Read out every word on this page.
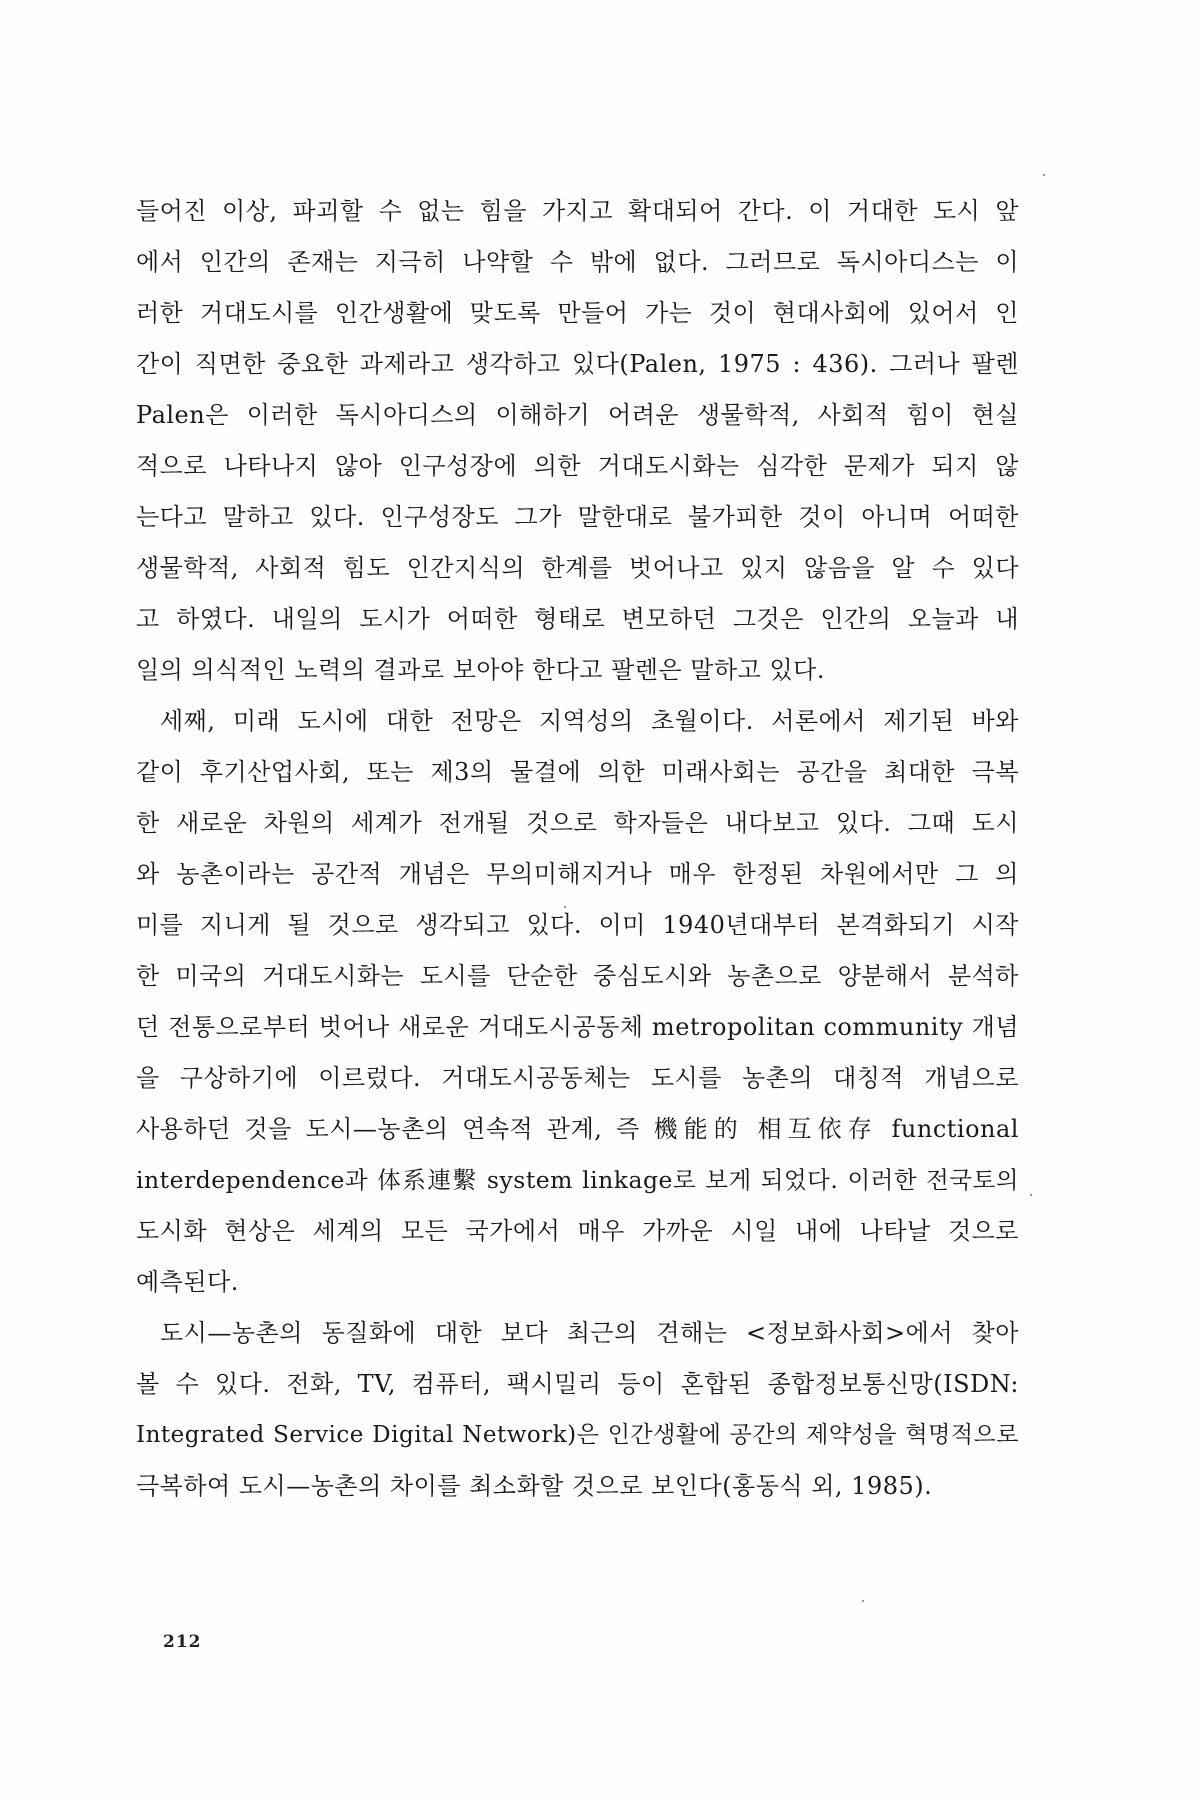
들어진 이상, 파괴할 수 없는 힘을 가지고 확대되어 간다. 이 거대한 도시 앞
에서 인간의 존재는 지극히 나약할 수 밖에 없다. 그러므로 독시아디스는 이
러한 거대도시를 인간생활에 맞도록 만들어 가는 것이 현대사회에 있어서 인
간이 직면한 중요한 과제라고 생각하고 있다(Palen, 1975 : 436). 그러나 팔렌
Palen은 이러한 독시아디스의 이해하기 어려운 생물학적, 사회적 힘이 현실
적으로 나타나지 않아 인구성장에 의한 거대도시화는 심각한 문제가 되지 않
는다고 말하고 있다. 인구성장도 그가 말한대로 불가피한 것이 아니며 어떠한
생물학적, 사회적 힘도 인간지식의 한계를 벗어나고 있지 않음을 알 수 있다
고 하였다. 내일의 도시가 어떠한 형태로 변모하던 그것은 인간의 오늘과 내
일의 의식적인 노력의 결과로 보아야 한다고 팔렌은 말하고 있다.
세째, 미래 도시에 대한 전망은 지역성의 초월이다. 서론에서 제기된 바와
같이 후기산업사회, 또는 제3의 물결에 의한 미래사회는 공간을 최대한 극복
한 새로운 차원의 세계가 전개될 것으로 학자들은 내다보고 있다. 그때 도시
와 농촌이라는 공간적 개념은 무의미해지거나 매우 한정된 차원에서만 그 의
미를 지니게 될 것으로 생각되고 있다. 이미 1940년대부터 본격화되기 시작
한 미국의 거대도시화는 도시를 단순한 중심도시와 농촌으로 양분해서 분석하
던 전통으로부터 벗어나 새로운 거대도시공동체 metropolitan community 개념
을 구상하기에 이르렀다. 거대도시공동체는 도시를 농촌의 대칭적 개념으로
사용하던 것을 도시—농촌의 연속적 관계, 즉 機能的 相互依存 functional
interdependence과 体系連繫 system linkage로 보게 되었다. 이러한 전국토의
도시화 현상은 세계의 모든 국가에서 매우 가까운 시일 내에 나타날 것으로
예측된다.
도시—농촌의 동질화에 대한 보다 최근의 견해는 <정보화사회>에서 찾아
볼 수 있다. 전화, TV, 컴퓨터, 팩시밀리 등이 혼합된 종합정보통신망(ISDN:
Integrated Service Digital Network)은 인간생활에 공간의 제약성을 혁명적으로
극복하여 도시—농촌의 차이를 최소화할 것으로 보인다(홍동식 외, 1985).
212
